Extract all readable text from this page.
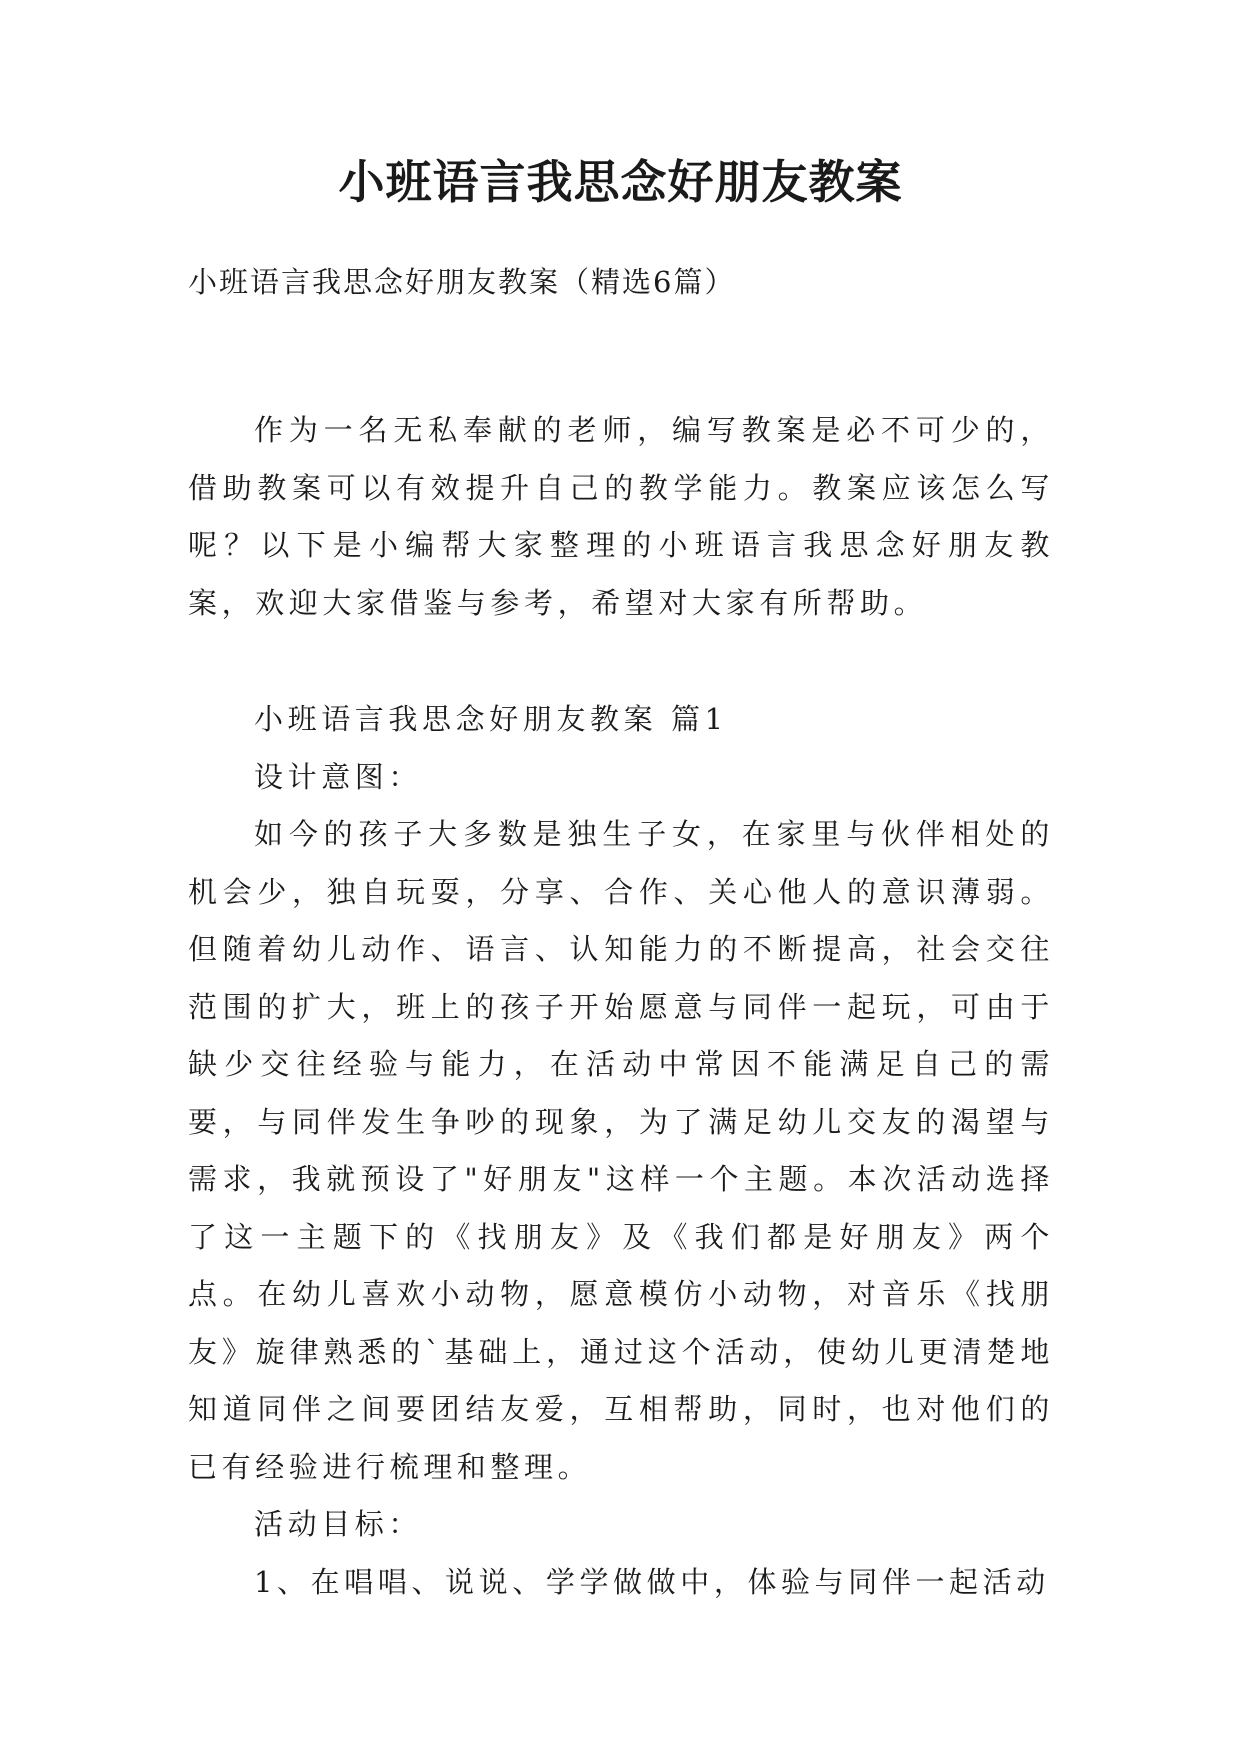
小班语言我思念好朋友教案
小班语言我思念好朋友教案（精选6篇）

作为一名无私奉献的老师，编写教案是必不可少的，借助教案可以有效提升自己的教学能力。教案应该怎么写呢？以下是小编帮大家整理的小班语言我思念好朋友教案，欢迎大家借鉴与参考，希望对大家有所帮助。

小班语言我思念好朋友教案 篇1

设计意图：

如今的孩子大多数是独生子女，在家里与伙伴相处的机会少，独自玩耍，分享、合作、关心他人的意识薄弱。但随着幼儿动作、语言、认知能力的不断提高，社会交往范围的扩大，班上的孩子开始愿意与同伴一起玩，可由于缺少交往经验与能力，在活动中常因不能满足自己的需要，与同伴发生争吵的现象，为了满足幼儿交友的渴望与需求，我就预设了"好朋友"这样一个主题。本次活动选择了这一主题下的《找朋友》及《我们都是好朋友》两个点。在幼儿喜欢小动物，愿意模仿小动物，对音乐《找朋友》旋律熟悉的`基础上，通过这个活动，使幼儿更清楚地知道同伴之间要团结友爱，互相帮助，同时，也对他们的已有经验进行梳理和整理。

活动目标：

1、在唱唱、说说、学学做做中，体验与同伴一起活动
